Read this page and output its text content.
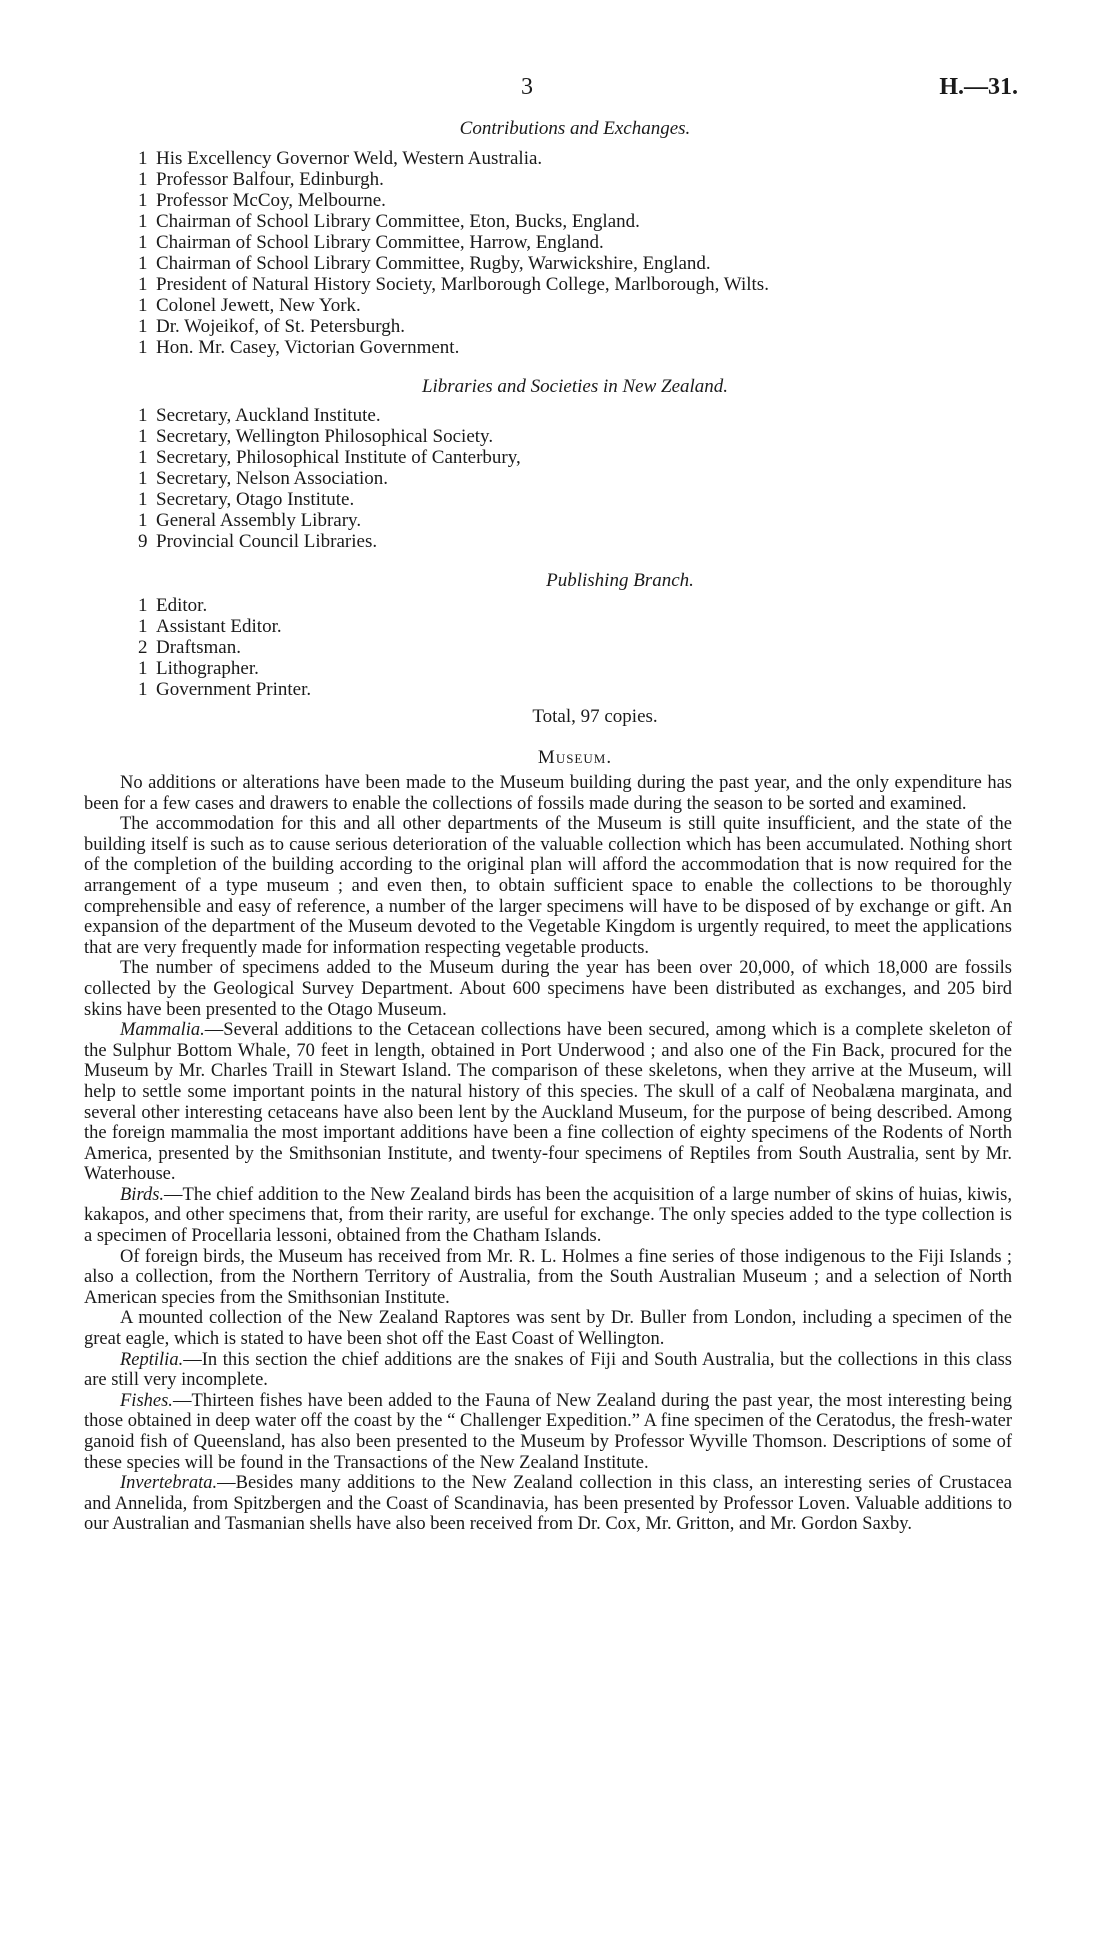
3	H.—31.

Contributions and Exchanges.

1 His Excellency Governor Weld, Western Australia.
1 Professor Balfour, Edinburgh.
1 Professor McCoy, Melbourne.
1 Chairman of School Library Committee, Eton, Bucks, England.
1 Chairman of School Library Committee, Harrow, England.
1 Chairman of School Library Committee, Rugby, Warwickshire, England.
1 President of Natural History Society, Marlborough College, Marlborough, Wilts.
1 Colonel Jewett, New York.
1 Dr. Wojeikof, of St. Petersburgh.
1 Hon. Mr. Casey, Victorian Government.

Libraries and Societies in New Zealand.

1 Secretary, Auckland Institute.
1 Secretary, Wellington Philosophical Society.
1 Secretary, Philosophical Institute of Canterbury,
1 Secretary, Nelson Association.
1 Secretary, Otago Institute.
1 General Assembly Library.
9 Provincial Council Libraries.

Publishing Branch.

1 Editor.
1 Assistant Editor.
2 Draftsman.
1 Lithographer.
1 Government Printer.

Total, 97 copies.

Museum.

No additions or alterations have been made to the Museum building during the past year, and the only expenditure has been for a few cases and drawers to enable the collections of fossils made during the season to be sorted and examined.

The accommodation for this and all other departments of the Museum is still quite insufficient, and the state of the building itself is such as to cause serious deterioration of the valuable collection which has been accumulated. Nothing short of the completion of the building according to the original plan will afford the accommodation that is now required for the arrangement of a type museum ; and even then, to obtain sufficient space to enable the collections to be thoroughly comprehensible and easy of reference, a number of the larger specimens will have to be disposed of by exchange or gift. An expansion of the department of the Museum devoted to the Vegetable Kingdom is urgently required, to meet the applications that are very frequently made for information respecting vegetable products.

The number of specimens added to the Museum during the year has been over 20,000, of which 18,000 are fossils collected by the Geological Survey Department. About 600 specimens have been distributed as exchanges, and 205 bird skins have been presented to the Otago Museum.

Mammalia.—Several additions to the Cetacean collections have been secured, among which is a complete skeleton of the Sulphur Bottom Whale, 70 feet in length, obtained in Port Underwood ; and also one of the Fin Back, procured for the Museum by Mr. Charles Traill in Stewart Island. The comparison of these skeletons, when they arrive at the Museum, will help to settle some important points in the natural history of this species. The skull of a calf of Neobalæna marginata, and several other interesting cetaceans have also been lent by the Auckland Museum, for the purpose of being described. Among the foreign mammalia the most important additions have been a fine collection of eighty specimens of the Rodents of North America, presented by the Smithsonian Institute, and twenty-four specimens of Reptiles from South Australia, sent by Mr. Waterhouse.

Birds.—The chief addition to the New Zealand birds has been the acquisition of a large number of skins of huias, kiwis, kakapos, and other specimens that, from their rarity, are useful for exchange. The only species added to the type collection is a specimen of Procellaria lessoni, obtained from the Chatham Islands.

Of foreign birds, the Museum has received from Mr. R. L. Holmes a fine series of those indigenous to the Fiji Islands ; also a collection, from the Northern Territory of Australia, from the South Australian Museum ; and a selection of North American species from the Smithsonian Institute.

A mounted collection of the New Zealand Raptores was sent by Dr. Buller from London, including a specimen of the great eagle, which is stated to have been shot off the East Coast of Wellington.

Reptilia.—In this section the chief additions are the snakes of Fiji and South Australia, but the collections in this class are still very incomplete.

Fishes.—Thirteen fishes have been added to the Fauna of New Zealand during the past year, the most interesting being those obtained in deep water off the coast by the “ Challenger Expedition.” A fine specimen of the Ceratodus, the fresh-water ganoid fish of Queensland, has also been presented to the Museum by Professor Wyville Thomson. Descriptions of some of these species will be found in the Transactions of the New Zealand Institute.

Invertebrata.—Besides many additions to the New Zealand collection in this class, an interesting series of Crustacea and Annelida, from Spitzbergen and the Coast of Scandinavia, has been presented by Professor Loven. Valuable additions to our Australian and Tasmanian shells have also been received from Dr. Cox, Mr. Gritton, and Mr. Gordon Saxby.
